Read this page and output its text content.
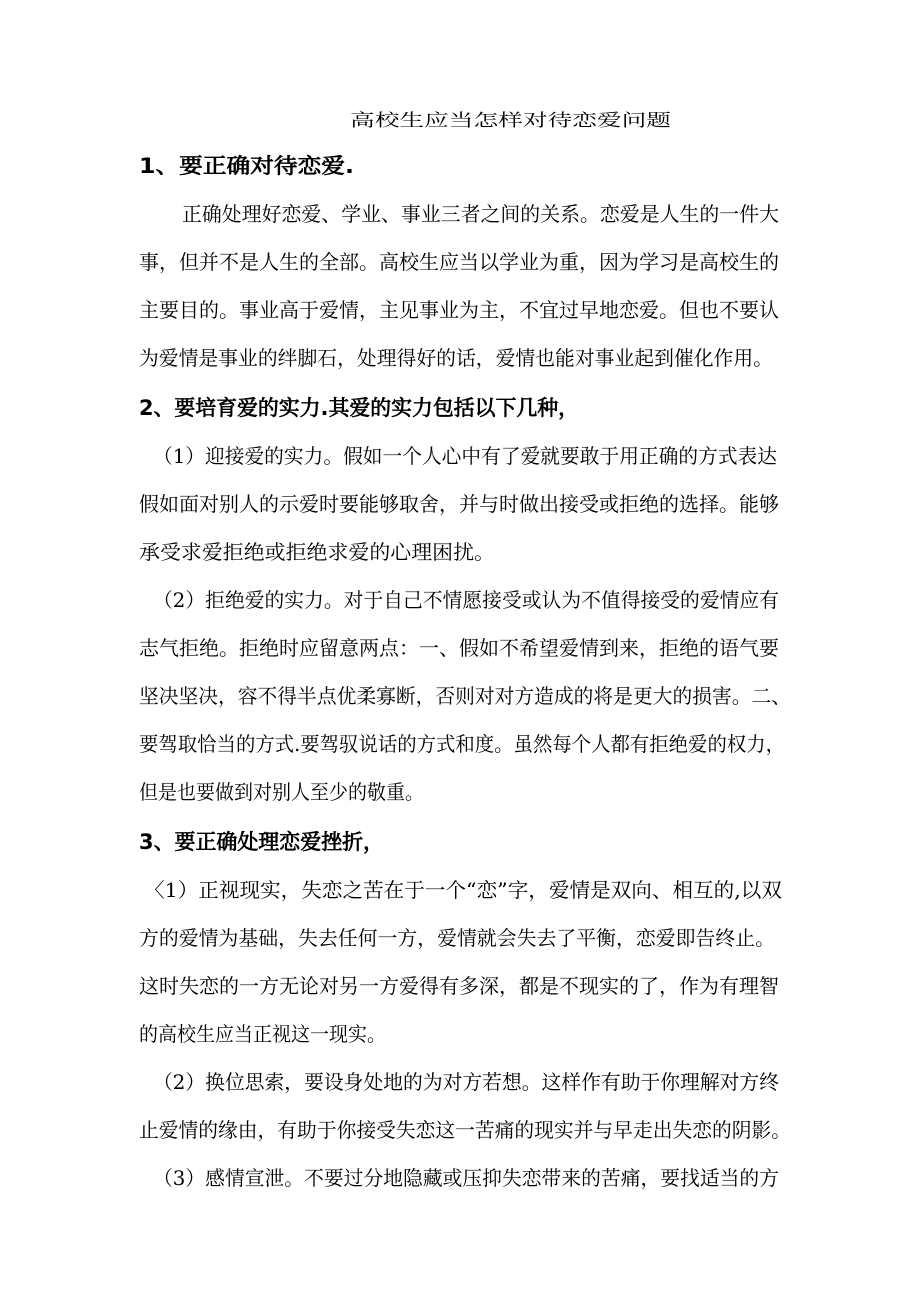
高校生应当怎样对待恋爱问题
1、要正确对待恋爱.
正确处理好恋爱、学业、事业三者之间的关系。恋爱是人生的一件大
事，但并不是人生的全部。高校生应当以学业为重，因为学习是高校生的
主要目的。事业高于爱情，主见事业为主，不宜过早地恋爱。但也不要认
为爱情是事业的绊脚石，处理得好的话，爱情也能对事业起到催化作用。
2、要培育爱的实力.其爱的实力包括以下几种，
（1）迎接爱的实力。假如一个人心中有了爱就要敢于用正确的方式表达
假如面对别人的示爱时要能够取舍，并与时做出接受或拒绝的选择。能够
承受求爱拒绝或拒绝求爱的心理困扰。
（2）拒绝爱的实力。对于自己不情愿接受或认为不值得接受的爱情应有
志气拒绝。拒绝时应留意两点：一、假如不希望爱情到来，拒绝的语气要
坚决坚决，容不得半点优柔寡断，否则对对方造成的将是更大的损害。二、
要驾取恰当的方式.要驾驭说话的方式和度。虽然每个人都有拒绝爱的权力，
但是也要做到对别人至少的敬重。
3、要正确处理恋爱挫折，
〈1）正视现实，失恋之苦在于一个“恋”字，爱情是双向、相互的,以双
方的爱情为基础，失去任何一方，爱情就会失去了平衡，恋爱即告终止。
这时失恋的一方无论对另一方爱得有多深，都是不现实的了，作为有理智
的高校生应当正视这一现实。
（2）换位思索，要设身处地的为对方若想。这样作有助于你理解对方终
止爱情的缘由，有助于你接受失恋这一苦痛的现实并与早走出失恋的阴影。
（3）感情宣泄。不要过分地隐藏或压抑失恋带来的苦痛，要找适当的方
